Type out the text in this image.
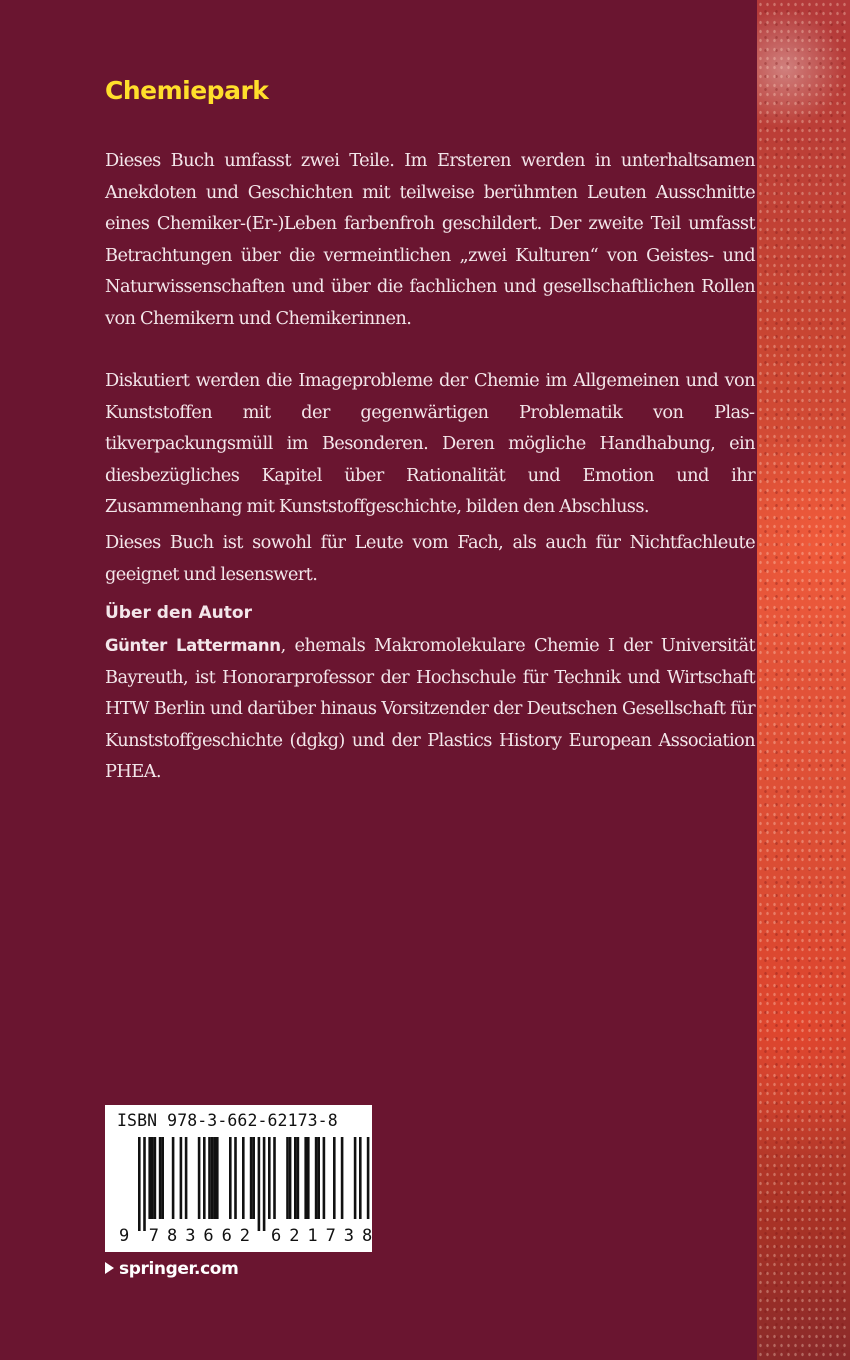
Chemiepark

Dieses Buch umfasst zwei Teile. Im Ersteren werden in unterhaltsamen Anekdoten und Geschichten mit teilweise berühmten Leuten Ausschnitte eines Chemiker-(Er-)Leben farbenfroh geschildert. Der zweite Teil umfasst Betrachtungen über die vermeintlichen „zwei Kulturen“ von Geistes- und Naturwissenschaften und über die fachlichen und gesellschaftlichen Rollen von Chemikern und Chemikerinnen.

Diskutiert werden die Imageprobleme der Chemie im Allgemeinen und von Kunststoffen mit der gegenwärtigen Problematik von Plastikverpackungsmüll im Besonderen. Deren mögliche Handhabung, ein diesbezügliches Kapitel über Rationalität und Emotion und ihr Zusammenhang mit Kunststoffgeschichte, bilden den Abschluss.

Dieses Buch ist sowohl für Leute vom Fach, als auch für Nichtfachleute geeignet und lesenswert.

Über den Autor

Günter Lattermann, ehemals Makromolekulare Chemie I der Universität Bayreuth, ist Honorarprofessor der Hochschule für Technik und Wirtschaft HTW Berlin und darüber hinaus Vorsitzender der Deutschen Gesellschaft für Kunststoffgeschichte (dgkg) und der Plastics History European Association PHEA.

ISBN 978-3-662-62173-8
9 7 8 3 6 6 2 6 2 1 7 3 8
springer.com
